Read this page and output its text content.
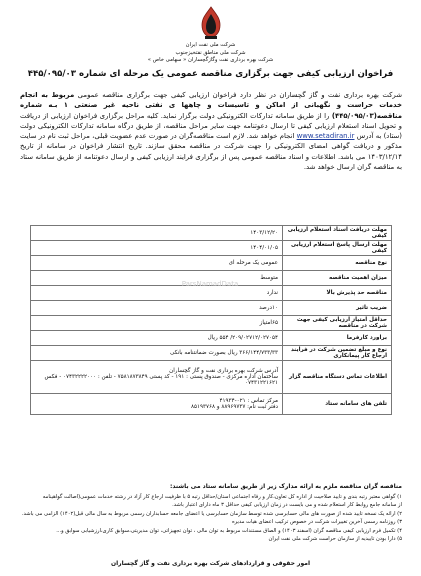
شرکت ملی نفت ایران
شرکت ملی مناطق نفتخیزجنوب
شرکت بهره برداری نفت وگازگچساران « سهامی خاص »
فراخوان ارزیابی کیفی جهت برگزاری مناقصه عمومی یک مرحله ای شماره ۴۴۵/۰۹۵/۰۳
شرکت بهره برداری نفت و گاز گچساران در نظر دارد فراخوان ارزیابی کیفی جهت برگزاری مناقصه عمومی مربوط به انجام خدمات حراست و نگهبانی از اماکن و تاسیسات و چاهها ی نفتی ناحیه غیر صنعتی ۱ بـه شماره مناقصه(۴۴۵/۰۹۵/۰۳) را از طریق سامانه تدارکات الکترونیکی دولت برگزار نماید. کلیه مراحل برگزاری فراخوان ارزیابی از دریافت و تحویل اسناد استعلام ارزیابی کیفی تا ارسال دعوتنامه جهت سایر مراحل مناقصه، از طریق درگاه سامانه تدارکات الکترونیکی دولت (ستاد) به آدرس www.setadiran.ir انجام خواهد شد. لازم است مناقصه‌گران در صورت عدم عضویت قبلی، مراحل ثبت نام در سایت مذکور و دریافت گواهی امضای الکترونیکی را جهت شرکت در مناقصه محقق سازند. تاریخ انتشار فراخوان در سامانه از تاریخ ۱۴۰۳/۱۲/۱۴ می باشد. اطلاعات و اسناد مناقصه عمومی پس از برگزاری فرایند ارزیابی کیفی و ارسال دعوتنامه از طریق سامانه ستاد به مناقصه گران ارسال خواهد شد.
مهلت دریافت اسناد استعلام ارزیابی کیفی	۱۴۰۳/۱۲/۲۰
مهلت ارسال پاسخ استعلام ارزیابی کیفی	۱۴۰۴/۰۱/۰۵
نوع مناقصه	عمومی یک مرحله ای
میزان اهمیت مناقصه	متوسط
مناقصه حد پذیرش بالا	ندارد
ضریب تاثیر	۱۰درصد
حداقل امتیاز ارزیابی کیفی جهت شرکت در مناقصه	۶۵امتیاز
براورد کارفرما	۲۰۹/۰۲۷۱۲/۰۲۷۰۵۴/ ۵۵۴ ریال
نوع و مبلغ تضمین شرکت در فرایند ارجاع کار پیمانکاری	۳۶۶/۱۴۴/۷۳۳/۳۳ ریال بصورت ضمانتنامه بانکی
اطلاعات تماس دستگاه مناقصه گزار	آدرس شرکت بهره برداری نفت و گاز گچساران
ساختمان اداره مرکزی - صندوق پستی : ۱۹۱ - کد پستی ۷۵۸۱۸۷۳۸۴۹ - تلفن : ۰۷۴۳۲۲۲۲۰۰۰ - فکس ۰۷۴۳۱۲۲۱۶۲۱
تلفن های سامانه ستاد	مرکز تماس : ۰۲۱-۴۱۹۳۴
دفتر ثبت نام: ۸۸۹۶۹۷۳۷ و ۸۵۱۹۳۷۶۸
ParsNamadData
مناقصه گران مناقصه ملزم به ارائه مدارک زیر از طریق سامانه ستاد می باشند:
۱) گواهی معتبر رتبه بندی و تایید صلاحیت از اداره کل تعاون،کار و رفاه اجتماعی استان/حداقل رتبه ۵ با ظرفیت ارجاع کار آزاد در رشته خدمات عمومی(اصالت گواهینامه
از سامانه جامع روابط کار استعلام شده و می بایست در زمان ارزیابی کیفی حداقل ۳ ماه دارای اعتبار باشد.
۲) ارائه یک نسخه تایید شده از صورت های مالی حسابرسی شده توسط سازمان حسابرسی یا اعضای جامعه حسابداران رسمی مربوط به سال مالی قبل(۱۴۰۲) الزامی می باشد.
۳) روزنامه رسمی آخرین تغییرات شرکت در خصوص ترکیب اعضای هیات مدیره
۴) تکمیل فرم ارزیابی کیفی مناقصه گران (اسفند ۱۴۰۳) و الصاق مستندات مربوط به توان مالی ، توان تجهیزاتی، توان مدیریتی،سوابق کاری،ارزشیابی سوابق و...
۵) دارا بودن تاییدیه از سازمان حراست شرکت ملی نفت ایران
امور حقوقی و قراردادهای شرکت بهره برداری نفت و گاز گچساران
